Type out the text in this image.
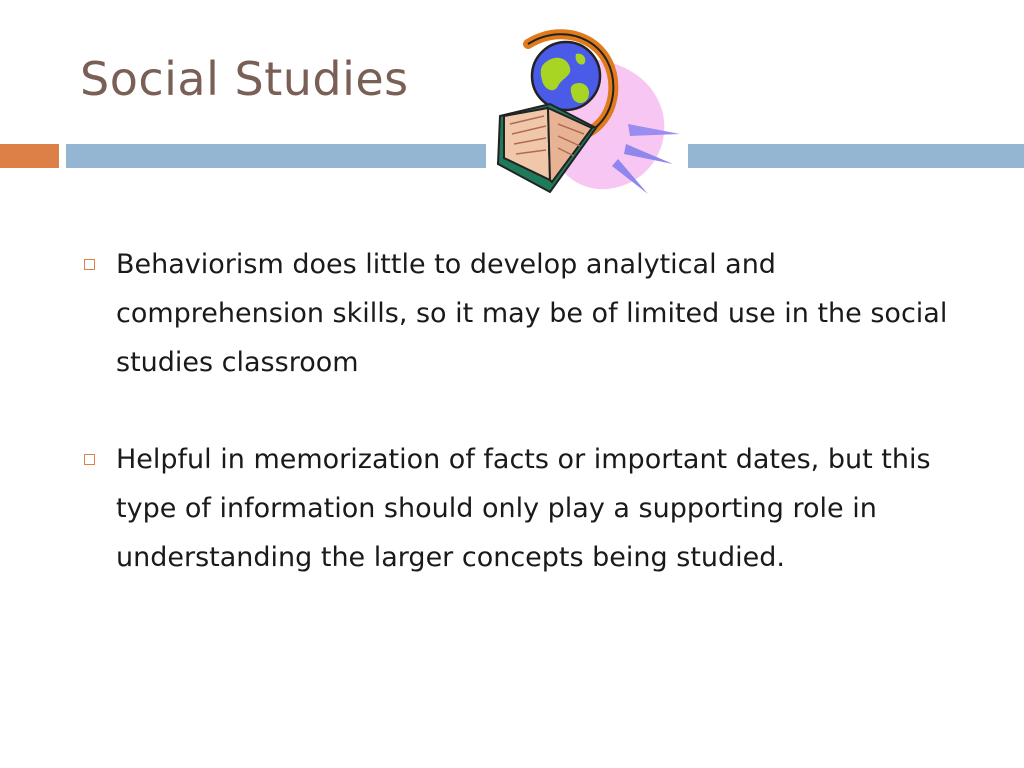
Social Studies
Behaviorism does little to develop analytical and comprehension skills, so it may be of limited use in the social studies classroom
Helpful in memorization of facts or important dates, but this type of information should only play a supporting role in understanding the larger concepts being studied.
